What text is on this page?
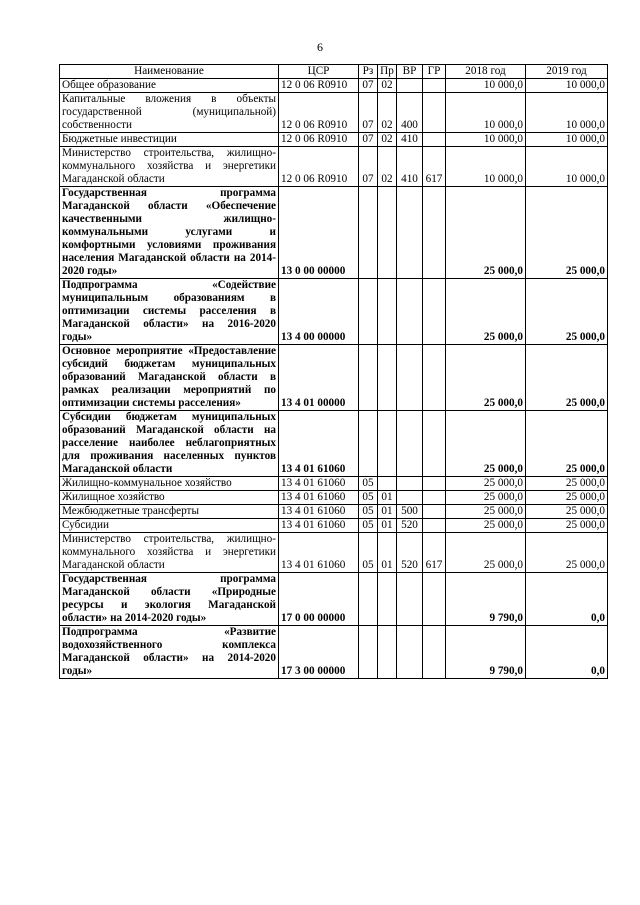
6
Наименование	ЦСР	Рз	Пр	ВР	ГР	2018 год	2019 год
Общее образование	12 0 06 R0910	07	02			10 000,0	10 000,0
Капитальные вложения в объекты государственной (муниципальной) собственности	12 0 06 R0910	07	02	400		10 000,0	10 000,0
Бюджетные инвестиции	12 0 06 R0910	07	02	410		10 000,0	10 000,0
Министерство строительства, жилищно-коммунального хозяйства и энергетики Магаданской области	12 0 06 R0910	07	02	410	617	10 000,0	10 000,0
Государственная программа Магаданской области «Обеспечение качественными жилищно-коммунальными услугами и комфортными условиями проживания населения Магаданской области на 2014-2020 годы»	13 0 00 00000					25 000,0	25 000,0
Подпрограмма «Содействие муниципальным образованиям в оптимизации системы расселения в Магаданской области» на 2016-2020 годы»	13 4 00 00000					25 000,0	25 000,0
Основное мероприятие «Предоставление субсидий бюджетам муниципальных образований Магаданской области в рамках реализации мероприятий по оптимизации системы расселения»	13 4 01 00000					25 000,0	25 000,0
Субсидии бюджетам муниципальных образований Магаданской области на расселение наиболее неблагоприятных для проживания населенных пунктов Магаданской области	13 4 01 61060					25 000,0	25 000,0
Жилищно-коммунальное хозяйство	13 4 01 61060	05				25 000,0	25 000,0
Жилищное хозяйство	13 4 01 61060	05	01			25 000,0	25 000,0
Межбюджетные трансферты	13 4 01 61060	05	01	500		25 000,0	25 000,0
Субсидии	13 4 01 61060	05	01	520		25 000,0	25 000,0
Министерство строительства, жилищно-коммунального хозяйства и энергетики Магаданской области	13 4 01 61060	05	01	520	617	25 000,0	25 000,0
Государственная программа Магаданской области «Природные ресурсы и экология Магаданской области» на 2014-2020 годы»	17 0 00 00000					9 790,0	0,0
Подпрограмма «Развитие водохозяйственного комплекса Магаданской области» на 2014-2020 годы»	17 3 00 00000					9 790,0	0,0
